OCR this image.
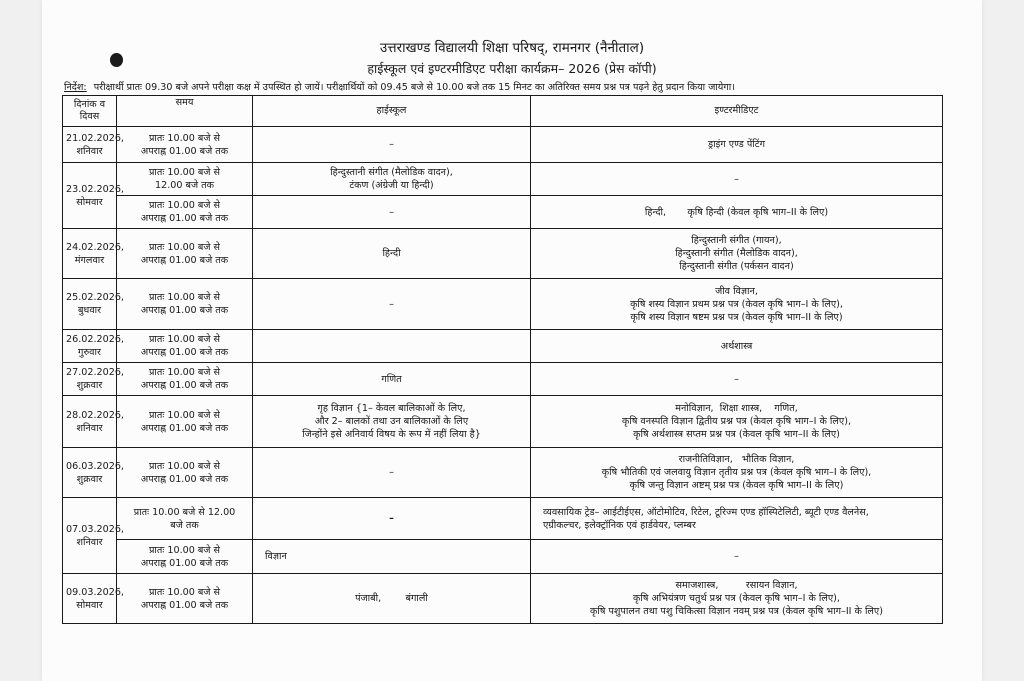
उत्तराखण्ड विद्यालयी शिक्षा परिषद्, रामनगर (नैनीताल)
हाईस्कूल एवं इण्टरमीडिएट परीक्षा कार्यक्रम– 2026 (प्रेस कॉपी)
निर्देश: परीक्षार्थी प्रातः 09.30 बजे अपने परीक्षा कक्ष में उपस्थित हो जायें। परीक्षार्थियों को 09.45 बजे से 10.00 बजे तक 15 मिनट का अतिरिक्त समय प्रश्न पत्र पढ़ने हेतु प्रदान किया जायेगा।
दिनांक व
दिवस	समय	हाईस्कूल	इण्टरमीडिएट

21.02.2026,
शनिवार	प्रातः 10.00 बजे से
अपराह्न 01.00 बजे तक	–	ड्राइंग एण्ड पेंटिंग

23.02.2026,
सोमवार	प्रातः 10.00 बजे से
12.00 बजे तक	हिन्दुस्तानी संगीत (मैलोडिक वादन),
टंकण (अंग्रेजी या हिन्दी)	–

	प्रातः 10.00 बजे से
अपराह्न 01.00 बजे तक	–	हिन्दी,       कृषि हिन्दी (केवल कृषि भाग–II के लिए)

24.02.2026,
मंगलवार	प्रातः 10.00 बजे से
अपराह्न 01.00 बजे तक	हिन्दी	हिन्दुस्तानी संगीत (गायन),
हिन्दुस्तानी संगीत (मैलोडिक वादन),
हिन्दुस्तानी संगीत (पर्कसन वादन)

25.02.2026,
बुधवार	प्रातः 10.00 बजे से
अपराह्न 01.00 बजे तक	–	जीव विज्ञान,
कृषि शस्य विज्ञान प्रथम प्रश्न पत्र (केवल कृषि भाग–I के लिए),
कृषि शस्य विज्ञान षष्टम प्रश्न पत्र (केवल कृषि भाग–II के लिए)

26.02.2026,
गुरुवार	प्रातः 10.00 बजे से
अपराह्न 01.00 बजे तक		अर्थशास्त्र

27.02.2026,
शुक्रवार	प्रातः 10.00 बजे से
अपराह्न 01.00 बजे तक	गणित	–

28.02.2026,
शनिवार	प्रातः 10.00 बजे से
अपराह्न 01.00 बजे तक	गृह विज्ञान {1– केवल बालिकाओं के लिए,
और 2– बालकों तथा उन बालिकाओं के लिए
जिन्होंने इसे अनिवार्य विषय के रूप में नहीं लिया है}	मनोविज्ञान,  शिक्षा शास्त्र,    गणित,
कृषि वनस्पति विज्ञान द्वितीय प्रश्न पत्र (केवल कृषि भाग–I के लिए),
कृषि अर्थशास्त्र सप्तम प्रश्न पत्र (केवल कृषि भाग–II के लिए)

06.03.2026,
शुक्रवार	प्रातः 10.00 बजे से
अपराह्न 01.00 बजे तक	–	राजनीतिविज्ञान,   भौतिक विज्ञान,
कृषि भौतिकी एवं जलवायु विज्ञान तृतीय प्रश्न पत्र (केवल कृषि भाग–I के लिए),
कृषि जन्तु विज्ञान अष्टम् प्रश्न पत्र (केवल कृषि भाग–II के लिए)

07.03.2026,
शनिवार	प्रातः 10.00 बजे से 12.00
बजे तक	–	व्यवसायिक ट्रेड– आईटीईएस, ऑटोमोटिव, रिटेल, टूरिज्म एण्ड हॉस्पिटेलिटी, ब्यूटी एण्ड वैलनेस,
एग्रीकल्चर, इलेक्ट्रॉनिक एवं हार्डवेयर, प्लम्बर

	प्रातः 10.00 बजे से
अपराह्न 01.00 बजे तक	विज्ञान	–

09.03.2026,
सोमवार	प्रातः 10.00 बजे से
अपराह्न 01.00 बजे तक	पंजाबी,        बंगाली	समाजशास्त्र,         रसायन विज्ञान,
कृषि अभियंत्रण चतुर्थ प्रश्न पत्र (केवल कृषि भाग–I के लिए),
कृषि पशुपालन तथा पशु चिकित्सा विज्ञान नवम् प्रश्न पत्र (केवल कृषि भाग–II के लिए)
